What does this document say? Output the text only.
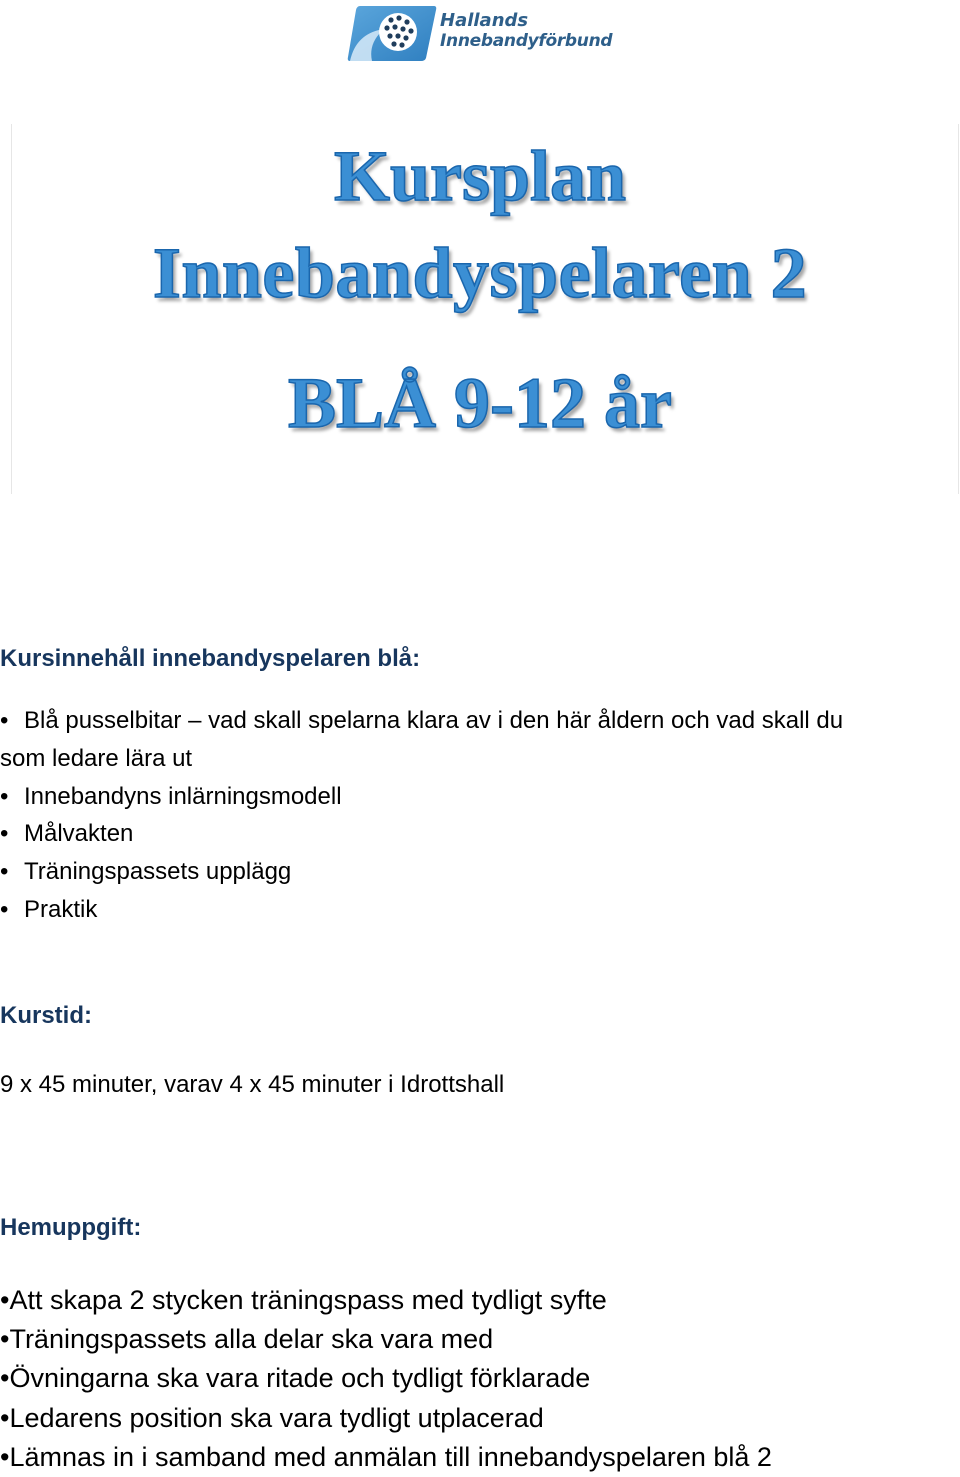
Hallands
Innebandyförbund
Kursplan
Innebandyspelaren 2
BLÅ 9-12 år
Kursinnehåll innebandyspelaren blå:
• Blå pusselbitar – vad skall spelarna klara av i den här åldern och vad skall du
som ledare lära ut
• Innebandyns inlärningsmodell
• Målvakten
• Träningspassets upplägg
• Praktik
Kurstid:
9 x 45 minuter, varav 4 x 45 minuter i Idrottshall
Hemuppgift:
• Att skapa 2 stycken träningspass med tydligt syfte
• Träningspassets alla delar ska vara med
• Övningarna ska vara ritade och tydligt förklarade
• Ledarens position ska vara tydligt utplacerad
• Lämnas in i samband med anmälan till innebandyspelaren blå 2
